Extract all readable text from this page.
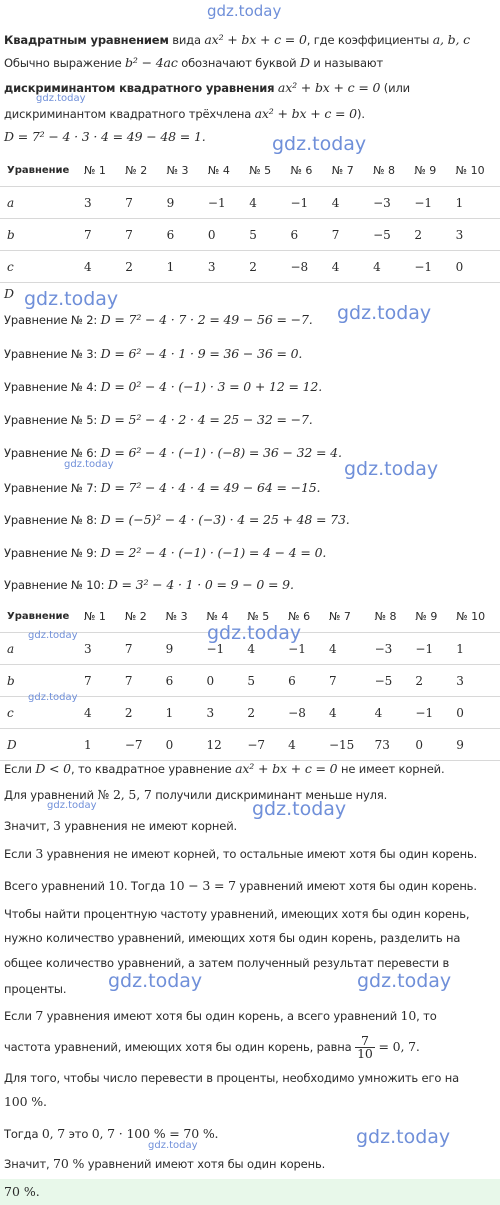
gdz.today
Квадратным уравнением вида ax² + bx + c = 0, где коэффициенты a, b, c
Обычно выражение b² − 4ac обозначают буквой D и называют
дискриминантом квадратного уравнения ax² + bx + c = 0 (или
gdz.today
дискриминантом квадратного трёхчлена ax² + bx + c = 0).
D = 7² − 4 · 3 · 4 = 49 − 48 = 1.	gdz.today
Уравнение	№ 1	№ 2	№ 3	№ 4	№ 5	№ 6	№ 7	№ 8	№ 9	№ 10
a	3	7	9	−1	4	−1	4	−3	−1	1
b	7	7	6	0	5	6	7	−5	2	3
c	4	2	1	3	2	−8	4	4	−1	0
D gdz.today
Уравнение № 2: D = 7² − 4 · 7 · 2 = 49 − 56 = −7.	gdz.today
Уравнение № 3: D = 6² − 4 · 1 · 9 = 36 − 36 = 0.
Уравнение № 4: D = 0² − 4 · (−1) · 3 = 0 + 12 = 12.
Уравнение № 5: D = 5² − 4 · 2 · 4 = 25 − 32 = −7.
Уравнение № 6: D = 6² − 4 · (−1) · (−8) = 36 − 32 = 4.
gdz.today	gdz.today
Уравнение № 7: D = 7² − 4 · 4 · 4 = 49 − 64 = −15.
Уравнение № 8: D = (−5)² − 4 · (−3) · 4 = 25 + 48 = 73.
Уравнение № 9: D = 2² − 4 · (−1) · (−1) = 4 − 4 = 0.
Уравнение № 10: D = 3² − 4 · 1 · 0 = 9 − 0 = 9.
Уравнение	№ 1	№ 2	№ 3	№ 4	№ 5	№ 6	№ 7	№ 8	№ 9	№ 10
a	3	7	9	−1	4	−1	4	−3	−1	1
b	7	7	6	0	5	6	7	−5	2	3
c	4	2	1	3	2	−8	4	4	−1	0
D	1	−7	0	12	−7	4	−15	73	0	9
gdz.today	gdz.today
gdz.today
Если D < 0, то квадратное уравнение ax² + bx + c = 0 не имеет корней.
Для уравнений № 2, 5, 7 получили дискриминант меньше нуля.
gdz.today	gdz.today
Значит, 3 уравнения не имеют корней.
Если 3 уравнения не имеют корней, то остальные имеют хотя бы один корень.
Всего уравнений 10. Тогда 10 − 3 = 7 уравнений имеют хотя бы один корень.
Чтобы найти процентную частоту уравнений, имеющих хотя бы один корень,
нужно количество уравнений, имеющих хотя бы один корень, разделить на
общее количество уравнений, а затем полученный результат перевести в
проценты.	gdz.today	gdz.today
Если 7 уравнения имеют хотя бы один корень, а всего уравнений 10, то
частота уравнений, имеющих хотя бы один корень, равна $\frac{7}{10} = 0$, 7.
Для того, чтобы число перевести в проценты, необходимо умножить его на
100 %.
Тогда 0, 7 это 0, 7 · 100 % = 70 %.
gdz.today	gdz.today
Значит, 70 % уравнений имеют хотя бы один корень.
70 %.
